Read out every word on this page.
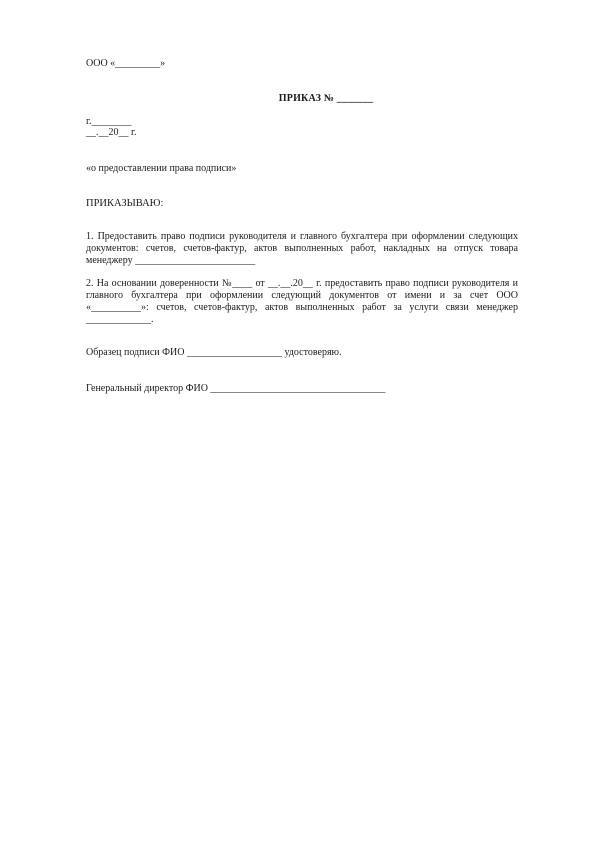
ООО «_________»
ПРИКАЗ № _______
г.________
__.__20__ г.
«о предоставлении права подписи»
ПРИКАЗЫВАЮ:
1. Предоставить право подписи руководителя и главного бухгалтера при оформлении следующих документов: счетов, счетов-фактур, актов выполненных работ, накладных на отпуск товара менеджеру ________________________
2. На основании доверенности №____ от __.__.20__ г. предоставить право подписи руководителя и главного бухгалтера при оформлении следующий документов от имени и за счет ООО «__________»: счетов, счетов-фактур, актов выполненных работ за услуги связи менеджер _____________.
Образец подписи ФИО ___________________ удостоверяю.
Генеральный директор ФИО ___________________________________
